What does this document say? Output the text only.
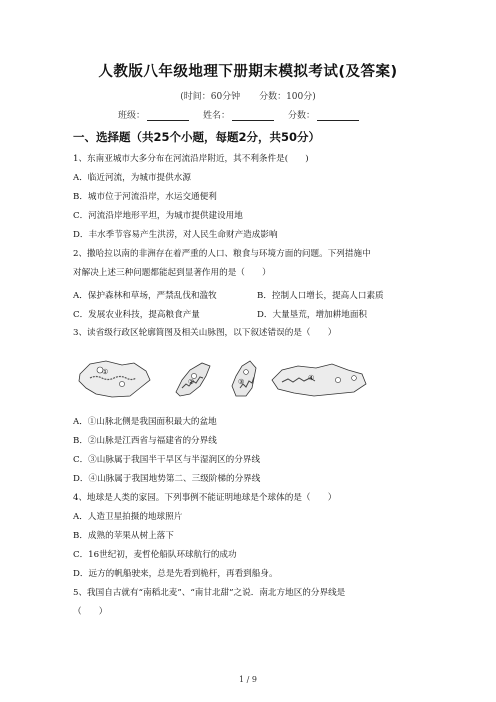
人教版八年级地理下册期末模拟考试(及答案)
(时间：60分钟 分数：100分)
班级：	姓名：	分数：
一、选择题（共25个小题，每题2分，共50分）
1、东南亚城市大多分布在河流沿岸附近，其不利条件是(　　)
A．临近河流，为城市提供水源
B．城市位于河流沿岸，水运交通便利
C．河流沿岸地形平坦，为城市提供建设用地
D．丰水季节容易产生洪涝，对人民生命财产造成影响
2、撒哈拉以南的非洲存在着严重的人口、粮食与环境方面的问题。下列措施中
对解决上述三种问题都能起到显著作用的是（　　）
A．保护森林和草场，严禁乱伐和滥牧	B．控制人口增长，提高人口素质
C．发展农业科技，提高粮食产量	D．大量垦荒，增加耕地面积
3、读省级行政区轮廓简图及相关山脉图，以下叙述错误的是（　　）
①
②	③	④
A．①山脉北侧是我国面积最大的盆地
B．②山脉是江西省与福建省的分界线
C．③山脉属于我国半干旱区与半湿润区的分界线
D．④山脉属于我国地势第二、三级阶梯的分界线
4、地球是人类的家园。下列事例不能证明地球是个球体的是（　　）
A．人造卫星拍摄的地球照片
B．成熟的苹果从树上落下
C．16世纪初，麦哲伦船队环球航行的成功
D．远方的帆船驶来，总是先看到桅杆，再看到船身。
5、我国自古就有“南稻北麦”、“南甘北甜”之说．南北方地区的分界线是
（　　）
1 / 9
